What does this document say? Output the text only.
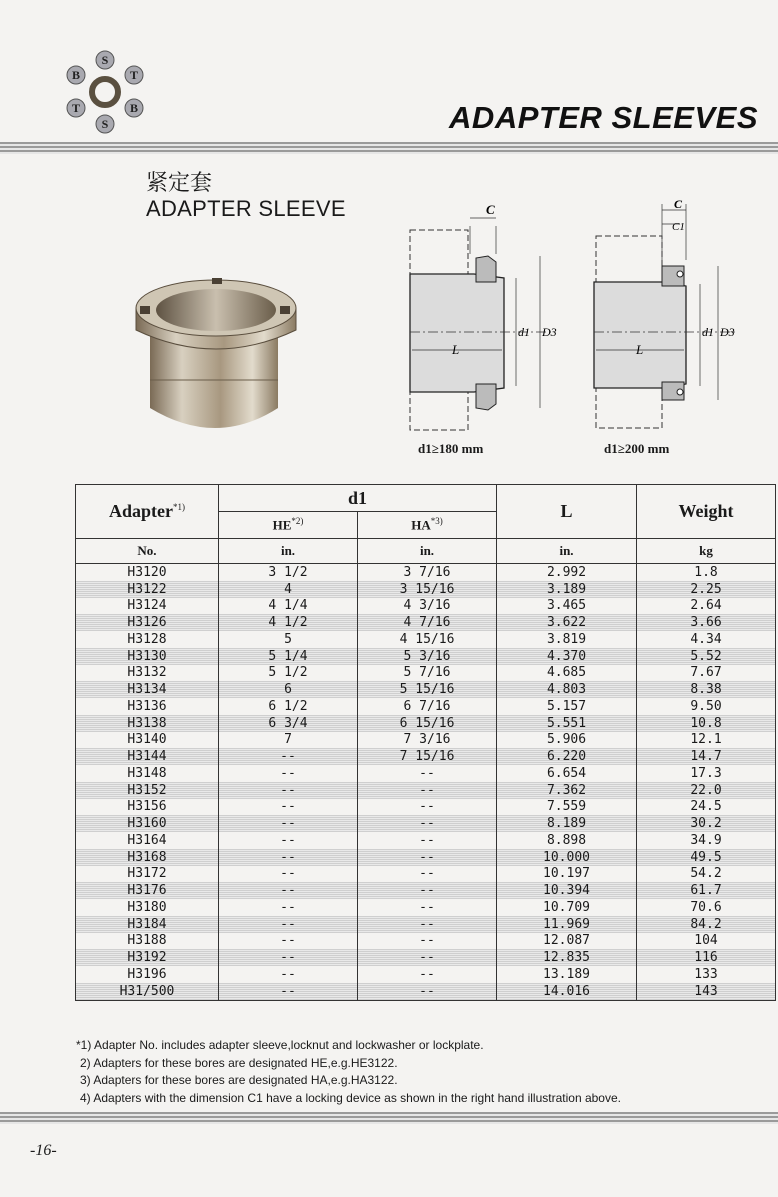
S
B	T
T	B
S	ADAPTER SLEEVES
紧定套
ADAPTER SLEEVE	C
d1 D3
L
d1≥180 mm
C
C1
d1 D3
L
d1≥200 mm
Adapter$^{*1)}$	d1		L	Weight
	HE$^{*2)}$	HA$^{*3)}$
No.	in.	in.	in.	kg
H3120	3 1/2	3 7/16	2.992	1.8
H3122	4	3 15/16	3.189	2.25
H3124	4 1/4	4 3/16	3.465	2.64
H3126	4 1/2	4 7/16	3.622	3.66
H3128	5	4 15/16	3.819	4.34
H3130	5 1/4	5 3/16	4.370	5.52
H3132	5 1/2	5 7/16	4.685	7.67
H3134	6	5 15/16	4.803	8.38
H3136	6 1/2	6 7/16	5.157	9.50
H3138	6 3/4	6 15/16	5.551	10.8
H3140	7	7 3/16	5.906	12.1
H3144	--	7 15/16	6.220	14.7
H3148	--	--	6.654	17.3
H3152	--	--	7.362	22.0
H3156	--	--	7.559	24.5
H3160	--	--	8.189	30.2
H3164	--	--	8.898	34.9
H3168	--	--	10.000	49.5
H3172	--	--	10.197	54.2
H3176	--	--	10.394	61.7
H3180	--	--	10.709	70.6
H3184	--	--	11.969	84.2
H3188	--	--	12.087	104
H3192	--	--	12.835	116
H3196	--	--	13.189	133
H31/500	--	--	14.016	143
*1) Adapter No. includes adapter sleeve,locknut and lockwasher or lockplate.
2) Adapters for these bores are designated HE,e.g.HE3122.
3) Adapters for these bores are designated HA,e.g.HA3122.
4) Adapters with the dimension C1 have a locking device as shown in the right hand illustration above.
-16-
